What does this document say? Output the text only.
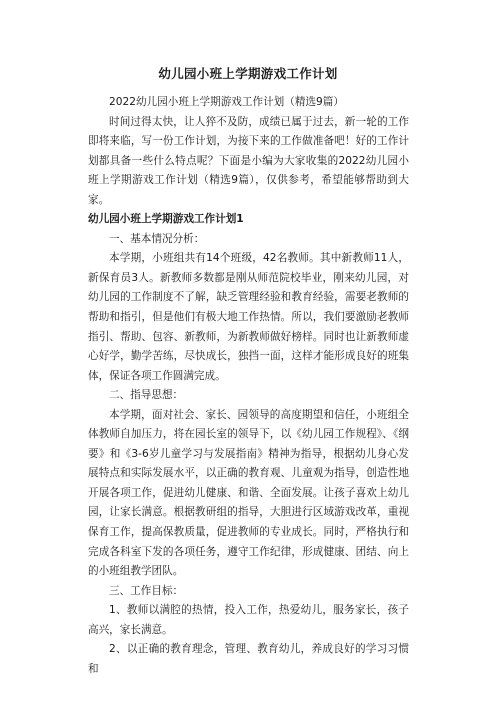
幼儿园小班上学期游戏工作计划

2022幼儿园小班上学期游戏工作计划（精选9篇）

时间过得太快，让人猝不及防，成绩已属于过去，新一轮的工作即将来临，写一份工作计划，为接下来的工作做准备吧！好的工作计划都具备一些什么特点呢？下面是小编为大家收集的2022幼儿园小班上学期游戏工作计划（精选9篇），仅供参考，希望能够帮助到大家。

幼儿园小班上学期游戏工作计划1

一、基本情况分析：

本学期，小班组共有14个班级，42名教师。其中新教师11人，新保育员3人。新教师多数都是刚从师范院校毕业，刚来幼儿园，对幼儿园的工作制度不了解，缺乏管理经验和教育经验，需要老教师的帮助和指引，但是他们有极大地工作热情。所以，我们要激励老教师指引、帮助、包容、新教师，为新教师做好榜样。同时也让新教师虚心好学，勤学苦练，尽快成长，独挡一面，这样才能形成良好的班集体，保证各项工作圆满完成。

二、指导思想：

本学期，面对社会、家长、园领导的高度期望和信任，小班组全体教师自加压力，将在园长室的领导下，以《幼儿园工作规程》、《纲要》和《3-6岁儿童学习与发展指南》精神为指导，根据幼儿身心发展特点和实际发展水平，以正确的教育观、儿童观为指导，创造性地开展各项工作，促进幼儿健康、和谐、全面发展。让孩子喜欢上幼儿园，让家长满意。根据教研组的指导，大胆进行区域游戏改革，重视保育工作，提高保教质量，促进教师的专业成长。同时，严格执行和完成各科室下发的各项任务，遵守工作纪律，形成健康、团结、向上的小班组教学团队。

三、工作目标：

1、教师以满腔的热情，投入工作，热爱幼儿，服务家长，孩子高兴，家长满意。

2、以正确的教育理念，管理、教育幼儿，养成良好的学习习惯和
